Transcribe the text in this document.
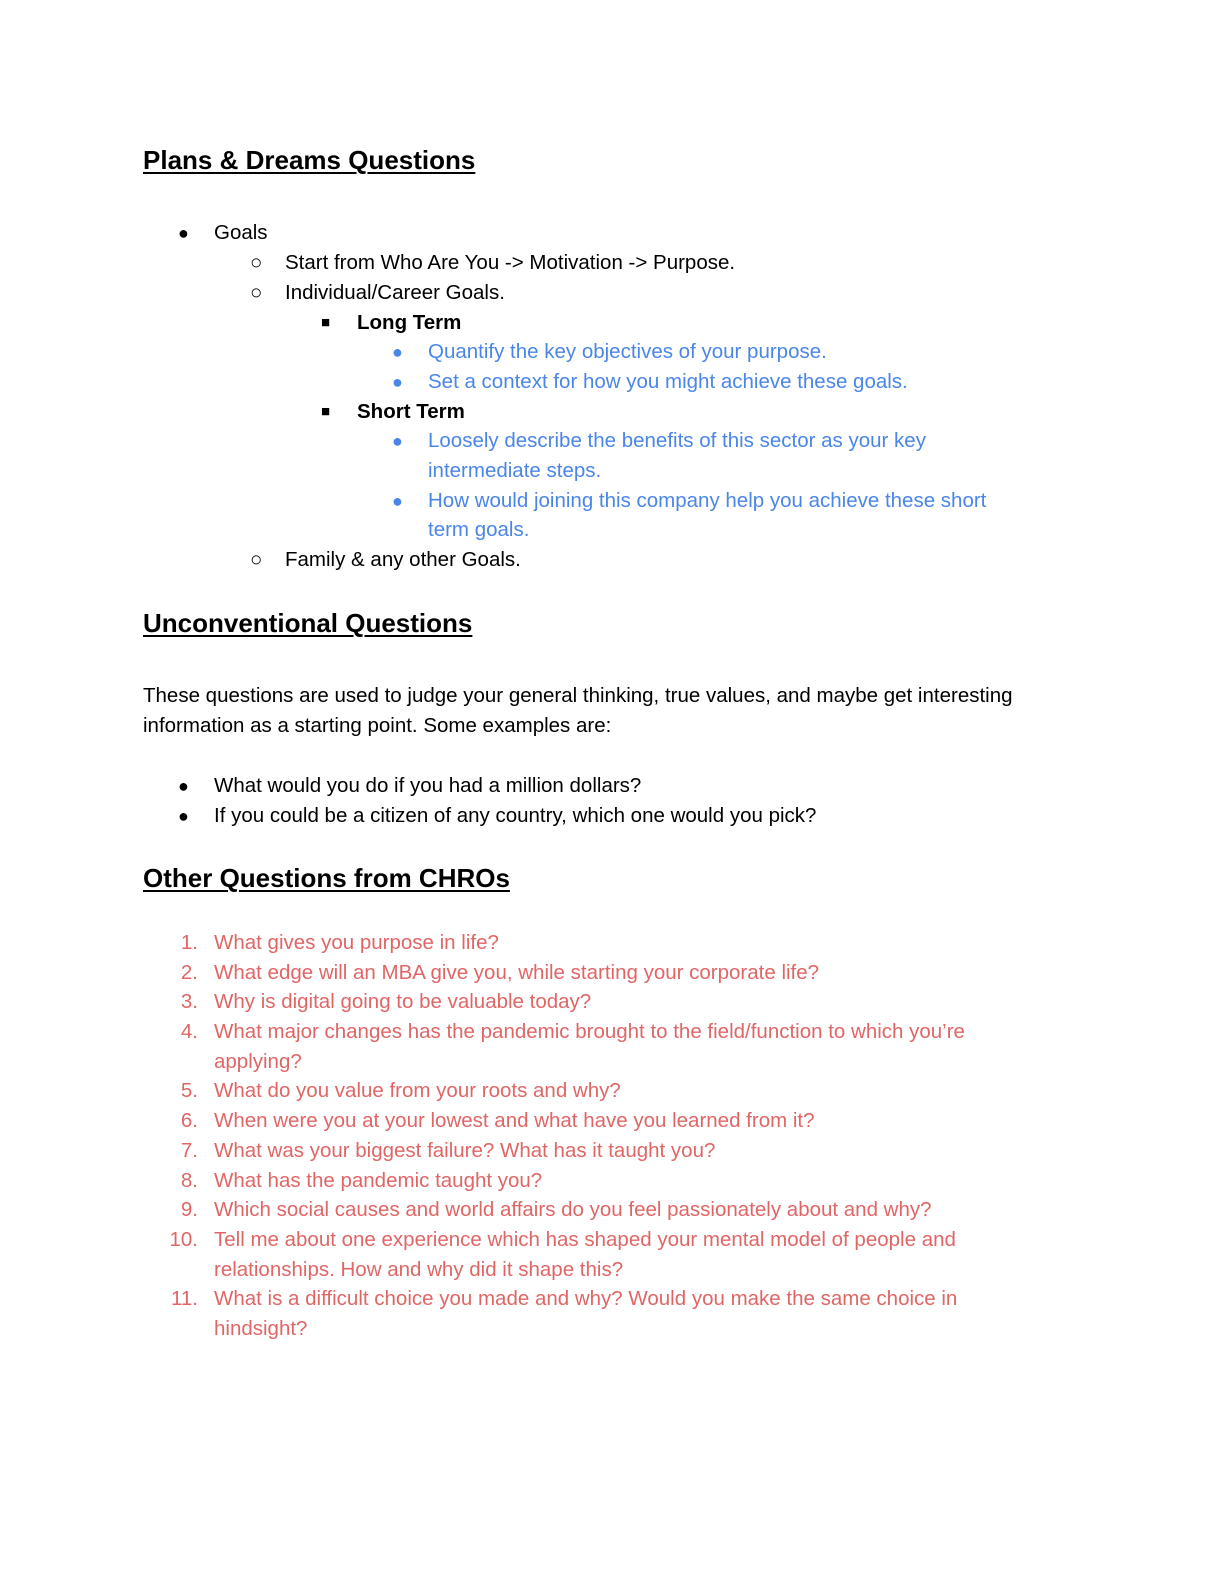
Plans & Dreams Questions
● Goals
○ Start from Who Are You -> Motivation -> Purpose.
○ Individual/Career Goals.
■ Long Term
● Quantify the key objectives of your purpose.
● Set a context for how you might achieve these goals.
■ Short Term
● Loosely describe the benefits of this sector as your key
intermediate steps.
● How would joining this company help you achieve these short
term goals.
○ Family & any other Goals.
Unconventional Questions
These questions are used to judge your general thinking, true values, and maybe get interesting
information as a starting point. Some examples are:
● What would you do if you had a million dollars?
● If you could be a citizen of any country, which one would you pick?
Other Questions from CHROs
1. What gives you purpose in life?
2. What edge will an MBA give you, while starting your corporate life?
3. Why is digital going to be valuable today?
4. What major changes has the pandemic brought to the field/function to which you’re
applying?
5. What do you value from your roots and why?
6. When were you at your lowest and what have you learned from it?
7. What was your biggest failure? What has it taught you?
8. What has the pandemic taught you?
9. Which social causes and world affairs do you feel passionately about and why?
10. Tell me about one experience which has shaped your mental model of people and
relationships. How and why did it shape this?
11. What is a difficult choice you made and why? Would you make the same choice in
hindsight?
